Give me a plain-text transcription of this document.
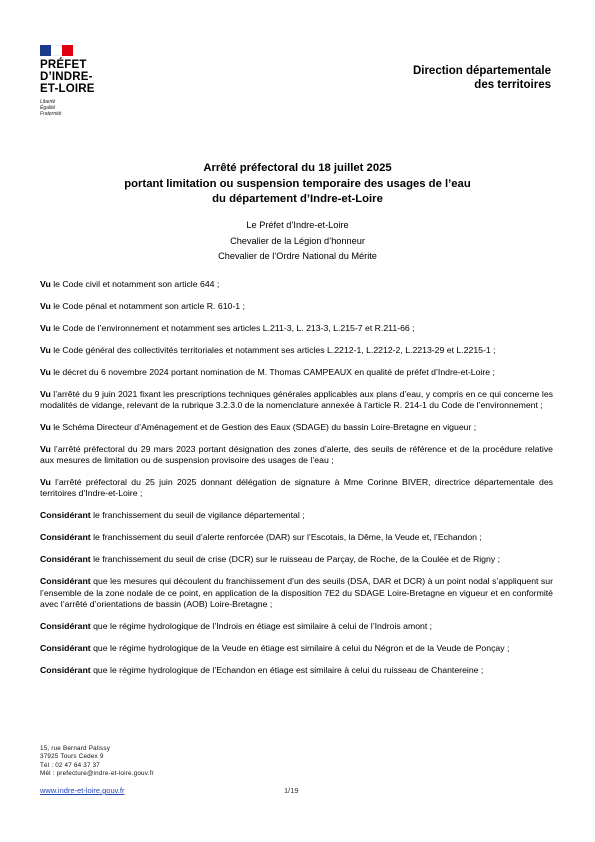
PRÉFET
D’INDRE-
ET-LOIRE
Liberté
Égalité
Fraternité
Direction départementale
des territoires
Arrêté préfectoral du 18 juillet 2025
portant limitation ou suspension temporaire des usages de l’eau
du département d’Indre-et-Loire
Le Préfet d’Indre-et-Loire
Chevalier de la Légion d’honneur
Chevalier de l’Ordre National du Mérite

Vu le Code civil et notamment son article 644 ;

Vu le Code pénal et notamment son article R. 610-1 ;

Vu le Code de l’environnement et notamment ses articles L.211-3, L. 213-3, L.215-7 et R.211-66 ;

Vu le Code général des collectivités territoriales et notamment ses articles L.2212-1, L.2212-2, L.2213-29 et L.2215-1 ;

Vu le décret du 6 novembre 2024 portant nomination de M. Thomas CAMPEAUX en qualité de préfet d’Indre-et-Loire ;

Vu l’arrêté du 9 juin 2021 fixant les prescriptions techniques générales applicables aux plans d’eau, y compris en ce qui concerne les modalités de vidange, relevant de la rubrique 3.2.3.0 de la nomenclature annexée à l’article R. 214-1 du Code de l’environnement ;

Vu le Schéma Directeur d’Aménagement et de Gestion des Eaux (SDAGE) du bassin Loire-Bretagne en vigueur ;

Vu l’arrêté préfectoral du 29 mars 2023 portant désignation des zones d’alerte, des seuils de référence et de la procédure relative aux mesures de limitation ou de suspension provisoire des usages de l’eau ;

Vu l’arrêté préfectoral du 25 juin 2025 donnant délégation de signature à Mme Corinne BIVER, directrice départementale des territoires d’Indre-et-Loire ;

Considérant le franchissement du seuil de vigilance départemental ;

Considérant le franchissement du seuil d’alerte renforcée (DAR) sur l’Escotais, la Dême, la Veude et, l’Echandon ;

Considérant le franchissement du seuil de crise (DCR) sur le ruisseau de Parçay, de Roche, de la Coulée et de Rigny ;

Considérant que les mesures qui découlent du franchissement d’un des seuils (DSA, DAR et DCR) à un point nodal s’appliquent sur l’ensemble de la zone nodale de ce point, en application de la disposition 7E2 du SDAGE Loire-Bretagne en vigueur et en conformité avec l’arrêté d’orientations de bassin (AOB) Loire-Bretagne ;

Considérant que le régime hydrologique de l’Indrois en étiage est similaire à celui de l’Indrois amont ;

Considérant que le régime hydrologique de la Veude en étiage est similaire à celui du Négron et de la Veude de Ponçay ;

Considérant que le régime hydrologique de l’Echandon en étiage est similaire à celui du ruisseau de Chantereine ;

15, rue Bernard Palissy
37925 Tours Cedex 9
Tél : 02 47 64 37 37
Mél : prefecture@indre-et-loire.gouv.fr
www.indre-et-loire.gouv.fr	1/19
